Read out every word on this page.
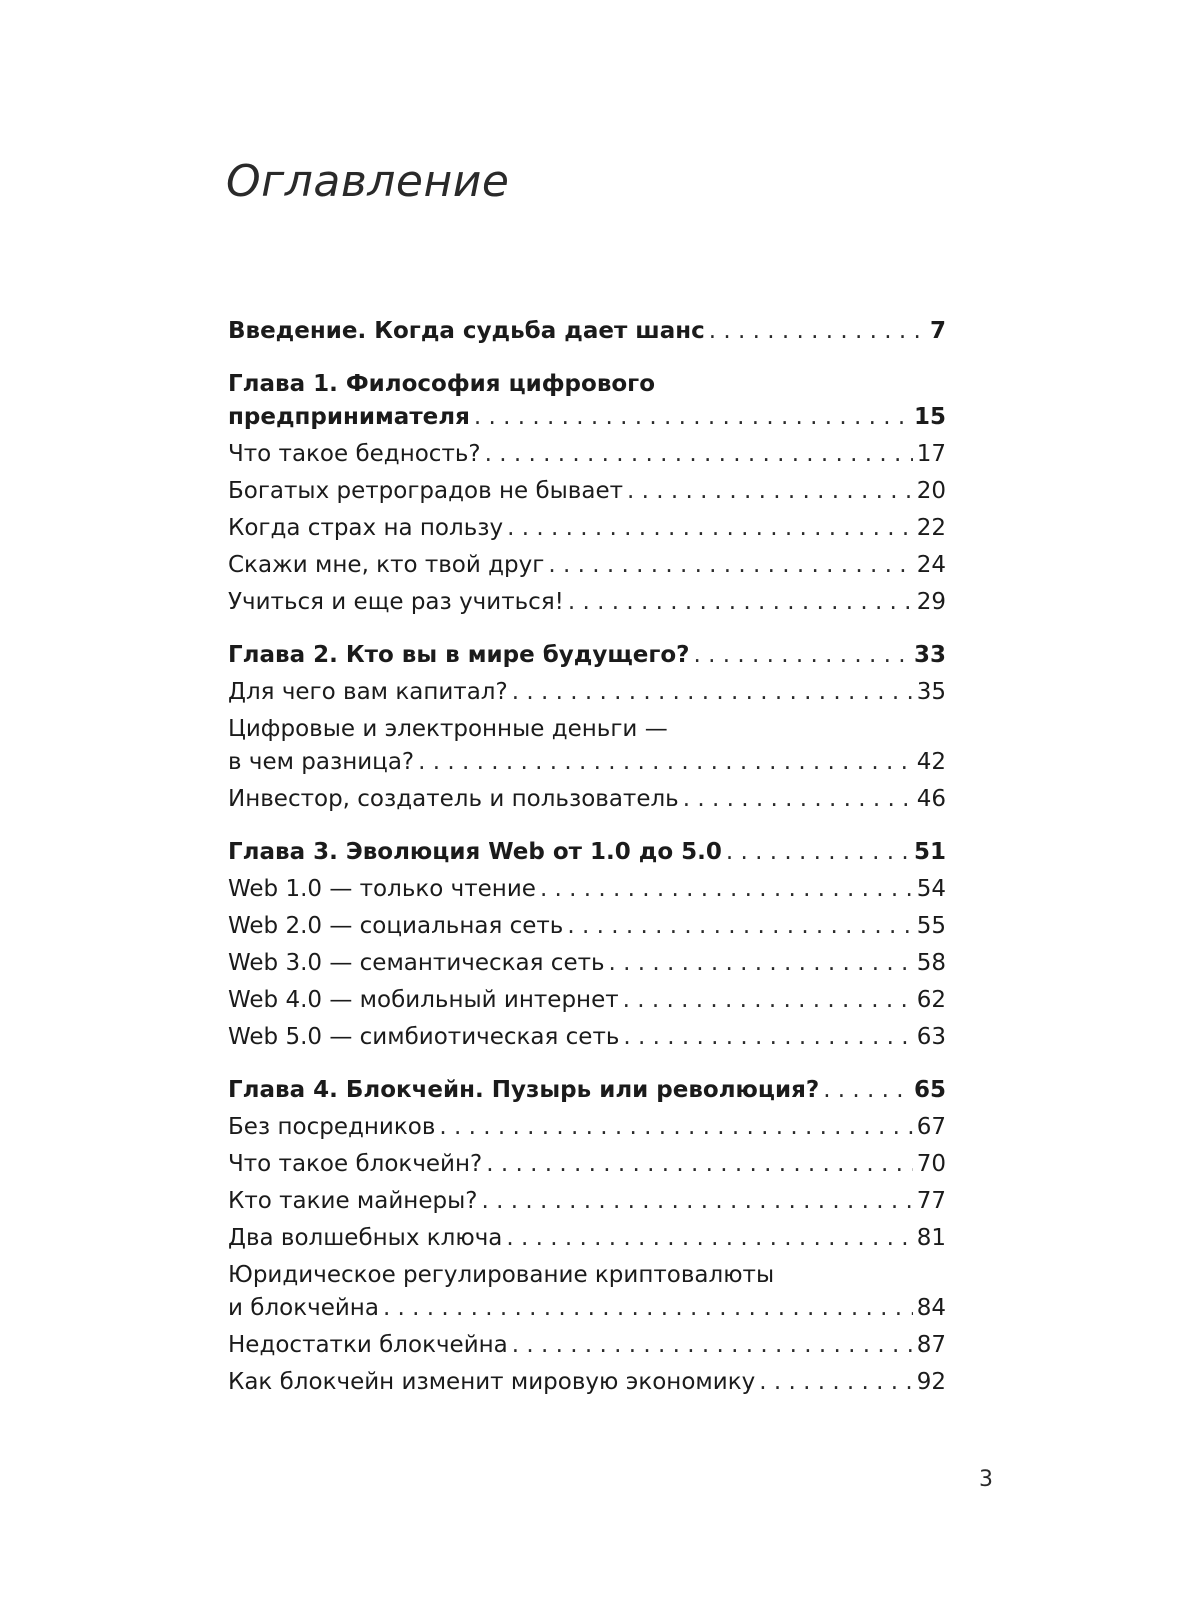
Оглавление
Введение. Когда судьба дает шанс . . .	7
Глава 1. Философия цифрового
предпринимателя . . .	15
Что такое бедность? . . .	17
Богатых ретроградов не бывает . . .	20
Когда страх на пользу . . .	22
Скажи мне, кто твой друг . . .	24
Учиться и еще раз учиться! . . .	29
Глава 2. Кто вы в мире будущего? . . .	33
Для чего вам капитал? . . .	35
Цифровые и электронные деньги —
в чем разница? . . .	42
Инвестор, создатель и пользователь . . .	46
Глава 3. Эволюция Web от 1.0 до 5.0 . . .	51
Web 1.0 — только чтение . . .	54
Web 2.0 — социальная сеть . . .	55
Web 3.0 — семантическая сеть . . .	58
Web 4.0 — мобильный интернет . . .	62
Web 5.0 — симбиотическая сеть . . .	63
Глава 4. Блокчейн. Пузырь или революция? . . .	65
Без посредников . . .	67
Что такое блокчейн? . . .	70
Кто такие майнеры? . . .	77
Два волшебных ключа . . .	81
Юридическое регулирование криптовалюты
и блокчейна . . .	84
Недостатки блокчейна . . .	87
Как блокчейн изменит мировую экономику . . .	92
3
